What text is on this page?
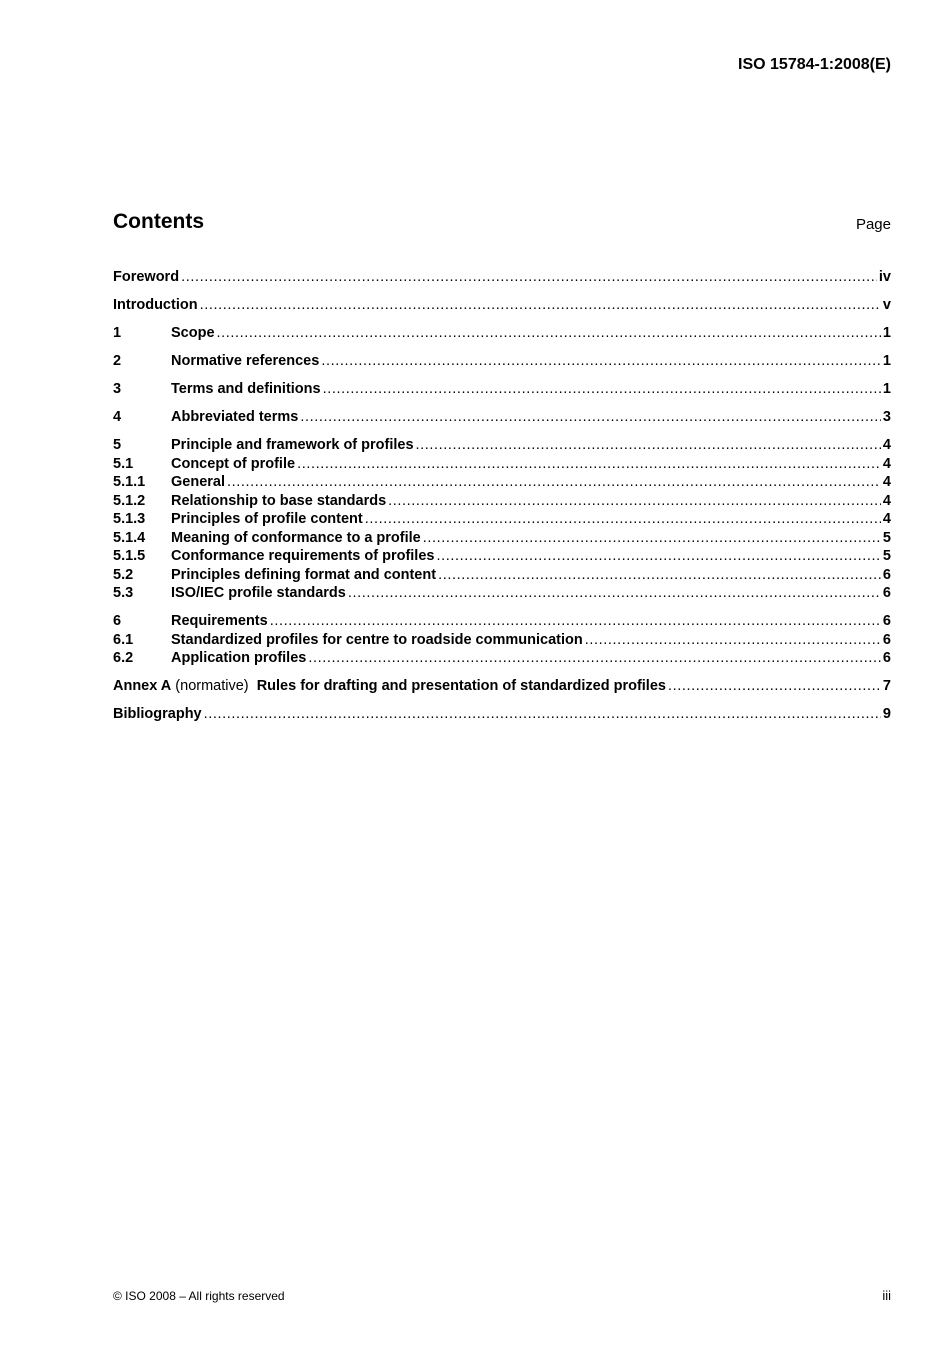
ISO 15784-1:2008(E)
Contents	Page
Foreword .....	iv
Introduction .....	v
1	Scope .....	1
2	Normative references .....	1
3	Terms and definitions .....	1
4	Abbreviated terms .....	3
5	Principle and framework of profiles .....	4
5.1	Concept of profile .....	4
5.1.1	General .....	4
5.1.2	Relationship to base standards .....	4
5.1.3	Principles of profile content .....	4
5.1.4	Meaning of conformance to a profile .....	5
5.1.5	Conformance requirements of profiles .....	5
5.2	Principles defining format and content .....	6
5.3	ISO/IEC profile standards .....	6
6	Requirements .....	6
6.1	Standardized profiles for centre to roadside communication .....	6
6.2	Application profiles .....	6
Annex A (normative) Rules for drafting and presentation of standardized profiles .....	7
Bibliography .....	9
© ISO 2008 – All rights reserved	iii
